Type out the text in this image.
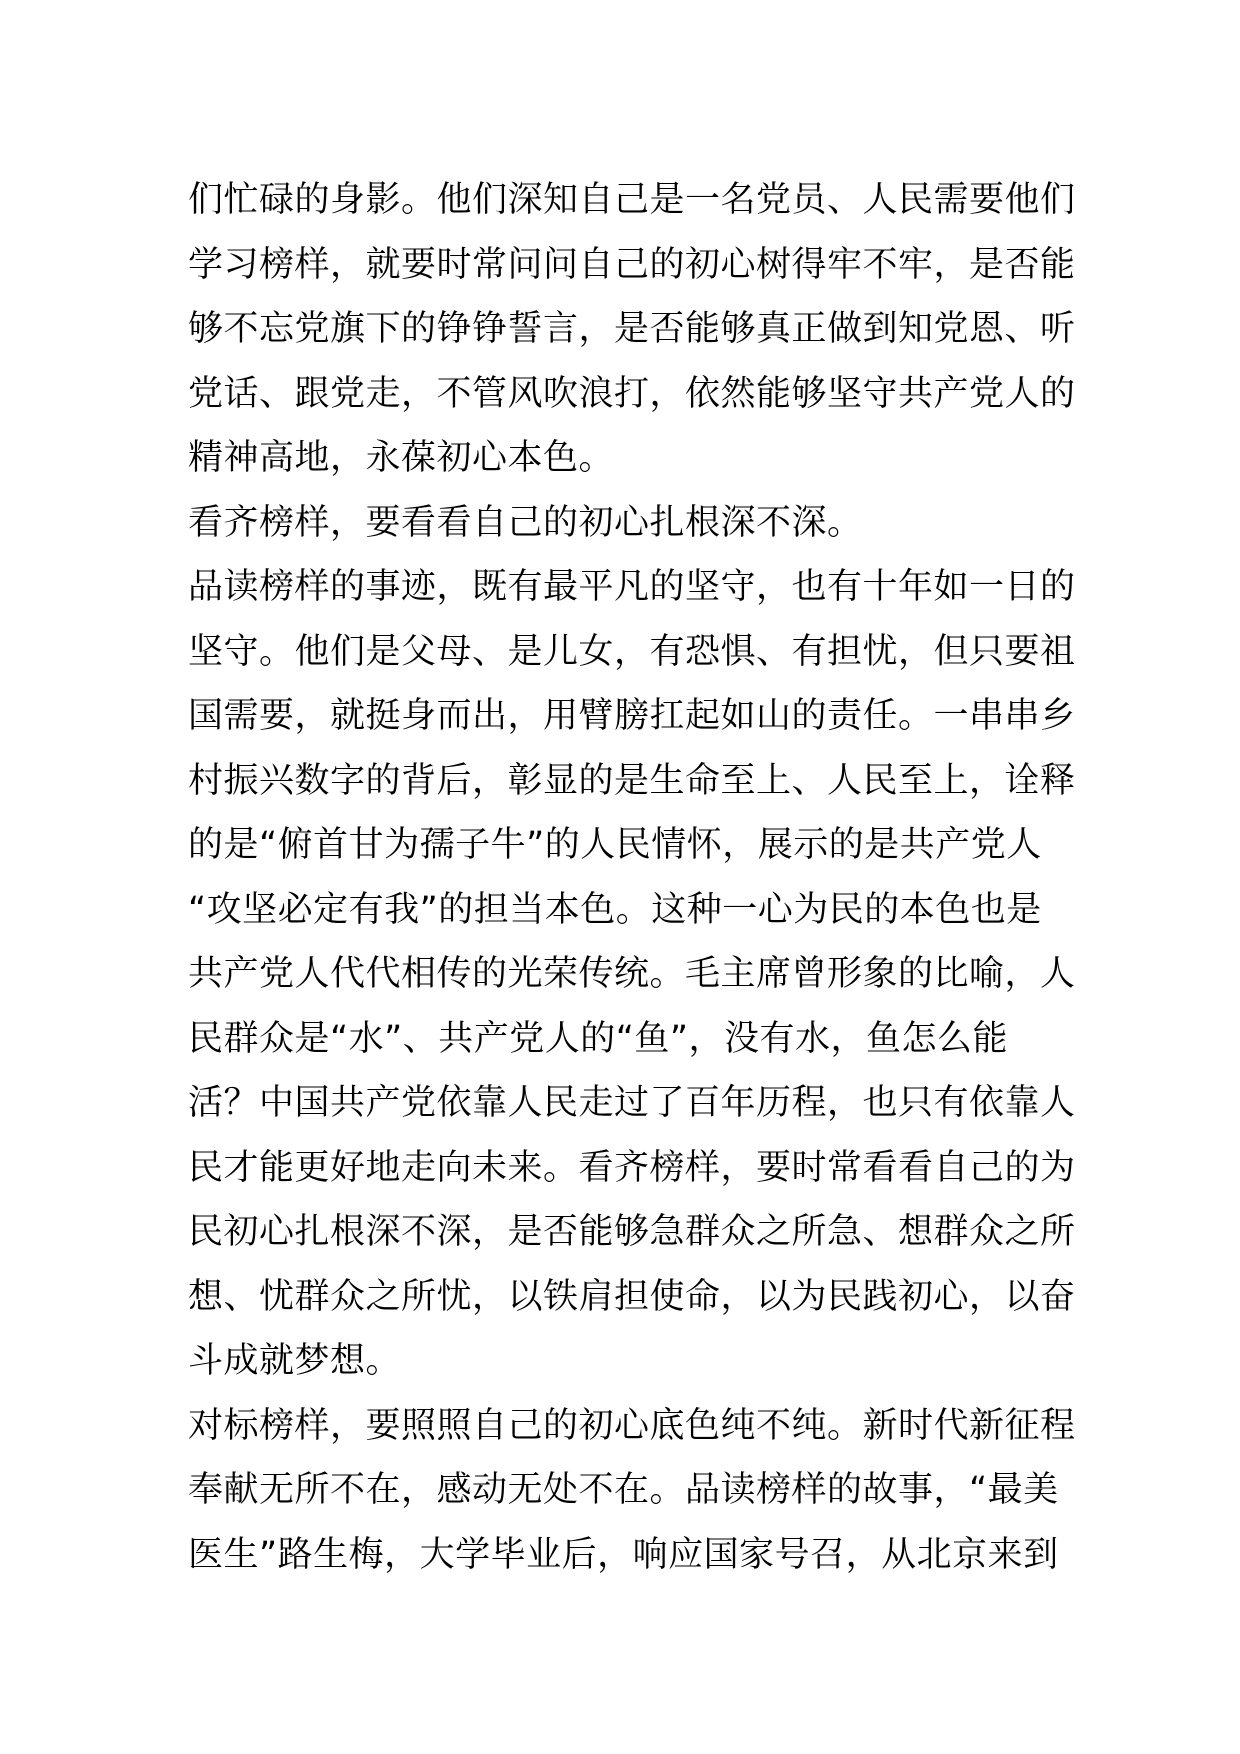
们忙碌的身影。他们深知自己是一名党员、人民需要他们

学习榜样，就要时常问问自己的初心树得牢不牢，是否能

够不忘党旗下的铮铮誓言，是否能够真正做到知党恩、听

党话、跟党走，不管风吹浪打，依然能够坚守共产党人的

精神高地，永葆初心本色。

看齐榜样，要看看自己的初心扎根深不深。

品读榜样的事迹，既有最平凡的坚守，也有十年如一日的

坚守。他们是父母、是儿女，有恐惧、有担忧，但只要祖

国需要，就挺身而出，用臂膀扛起如山的责任。一串串乡

村振兴数字的背后，彰显的是生命至上、人民至上，诠释

的是“俯首甘为孺子牛”的人民情怀，展示的是共产党人

“攻坚必定有我”的担当本色。这种一心为民的本色也是

共产党人代代相传的光荣传统。毛主席曾形象的比喻，人

民群众是“水”、共产党人的“鱼”，没有水，鱼怎么能

活？中国共产党依靠人民走过了百年历程，也只有依靠人

民才能更好地走向未来。看齐榜样，要时常看看自己的为

民初心扎根深不深，是否能够急群众之所急、想群众之所

想、忧群众之所忧，以铁肩担使命，以为民践初心，以奋

斗成就梦想。

对标榜样，要照照自己的初心底色纯不纯。新时代新征程

奉献无所不在，感动无处不在。品读榜样的故事，“最美

医生”路生梅，大学毕业后，响应国家号召，从北京来到
